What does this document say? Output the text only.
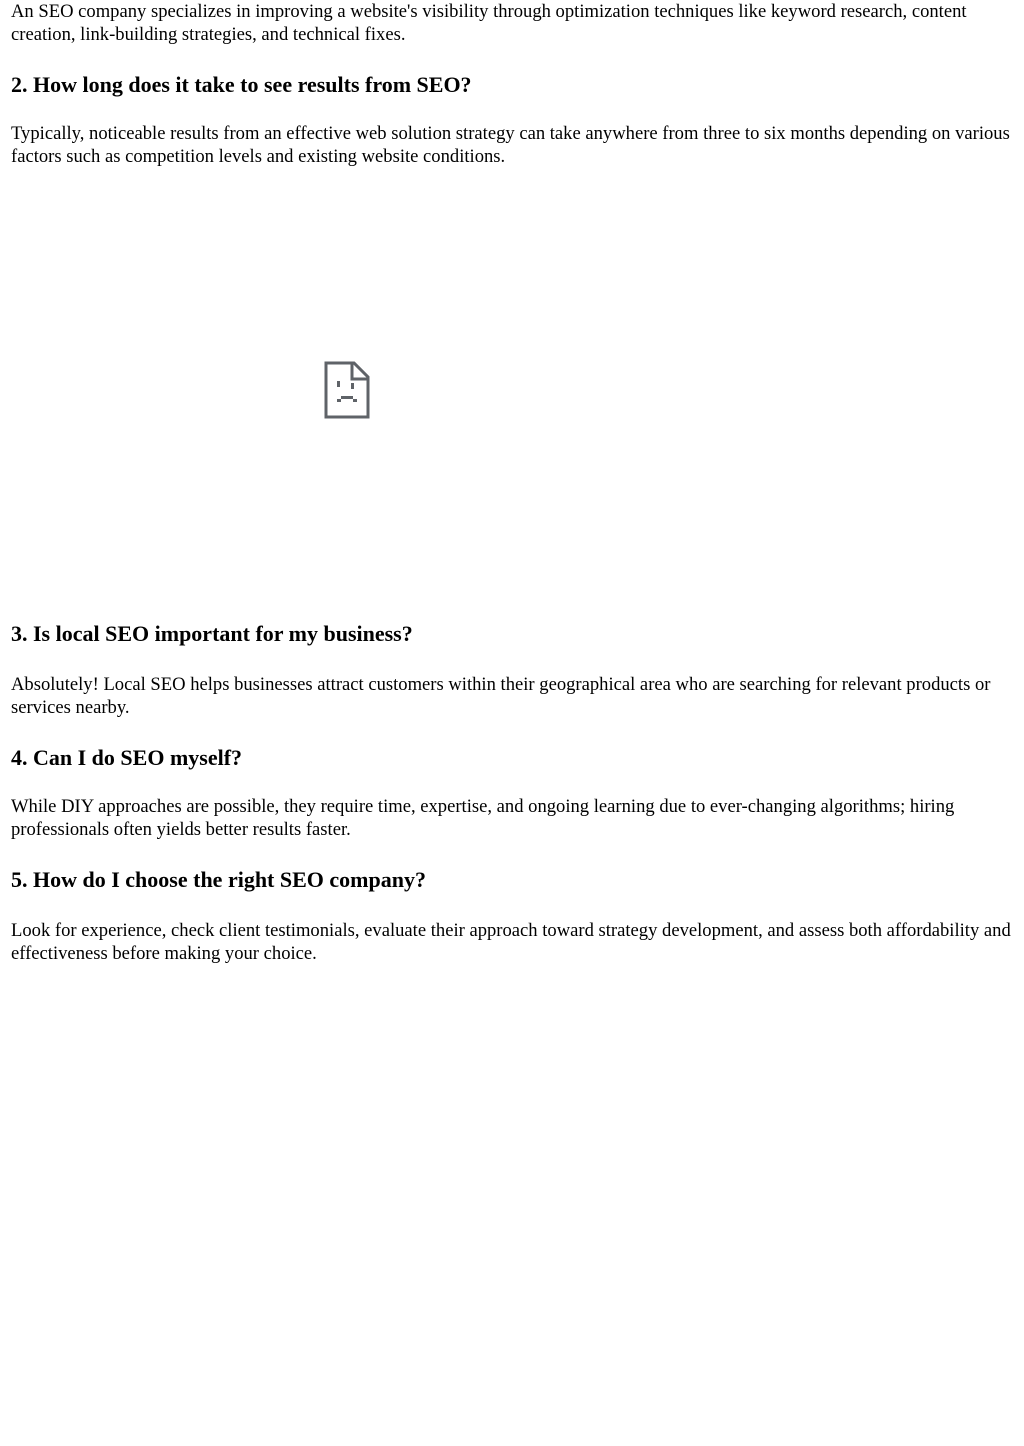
An SEO company specializes in improving a website's visibility through optimization techniques like keyword research, content creation, link-building strategies, and technical fixes.

2. How long does it take to see results from SEO?

Typically, noticeable results from an effective web solution strategy can take anywhere from three to six months depending on various factors such as competition levels and existing website conditions.

3. Is local SEO important for my business?

Absolutely! Local SEO helps businesses attract customers within their geographical area who are searching for relevant products or services nearby.

4. Can I do SEO myself?

While DIY approaches are possible, they require time, expertise, and ongoing learning due to ever-changing algorithms; hiring professionals often yields better results faster.

5. How do I choose the right SEO company?

Look for experience, check client testimonials, evaluate their approach toward strategy development, and assess both affordability and effectiveness before making your choice.
